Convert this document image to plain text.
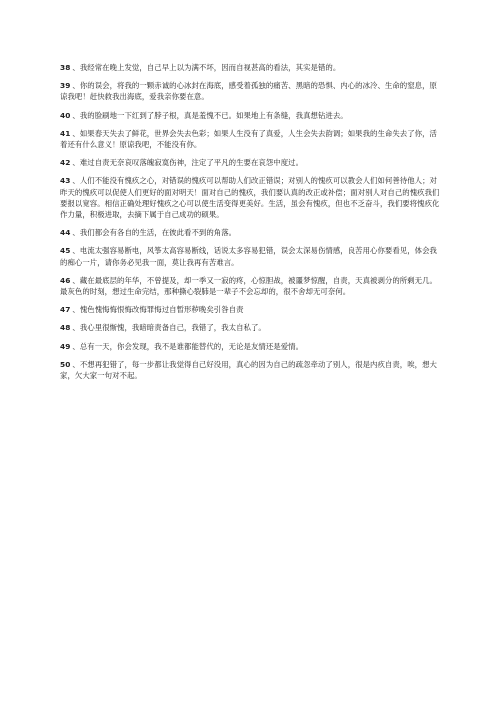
38 、我经常在晚上发觉，自己早上以为满不坏，因而自视甚高的看法，其实是错的。

39 、你的误会，将我的一颗赤诚的心冰封在海底，感受着孤独的痛苦、黑暗的恐惧、内心的冰冷、生命的窒息，原谅我吧！赶快救我出海底，爱我亲你要在意。

40 、我的脸刷地一下红到了脖子根，真是羞愧不已。如果地上有条缝，我真想钻进去。

41 、如果春天失去了鲜花，世界会失去色彩；如果人生没有了真爱，人生会失去韵调；如果我的生命失去了你，活着还有什么意义！原谅我吧，不能没有你。

42 、难过自责无奈哀叹落魄寂寞伤神，注定了平凡的生要在哀怨中度过。

43 、人们不能没有愧疚之心，对错误的愧疚可以帮助人们改正错误；对别人的愧疚可以教会人们如何善待他人；对昨天的愧疚可以促使人们更好的面对明天！面对自己的愧疚，我们要认真的改正或补偿；面对别人对自己的愧疚我们要报以宽容。相信正确处理好愧疚之心可以使生活变得更美好。生活，虽会有愧疚，但也不乏奋斗，我们要将愧疚化作力量，积极进取，去摘下属于自己成功的硕果。

44 、我们都会有各自的生活，在彼此看不到的角落。

45 、电流太强容易断电，风筝太高容易断线，话说太多容易犯错，误会太深易伤情感，良苦用心你要看见，体会我的痴心一片，请你务必见我一面，莫让我再有苦难言。

46 、藏在最底层的年华，不曾提及，却一季又一寂的疼，心惊胆战，被噩梦惊醒，自责，天真被剥分的所剩无几。最灰色的时刻，想过生命完结，那种撕心裂肺是一辈子不会忘却的，很不舍却无可奈何。

47 、愧色愧悔悔恨悔改悔罪悔过自暂形秽晚矣引咎自责

48 、我心里很惭愧，我暗暗责备自己，我错了，我太自私了。

49 、总有一天，你会发现，我不是谁都能替代的，无论是友情还是爱情。

50 、不想再犯错了，每一步都让我觉得自己好没用，真心的因为自己的疏忽牵动了别人，很是内疚自责，唉，想大家，欠大家一句对不起。
